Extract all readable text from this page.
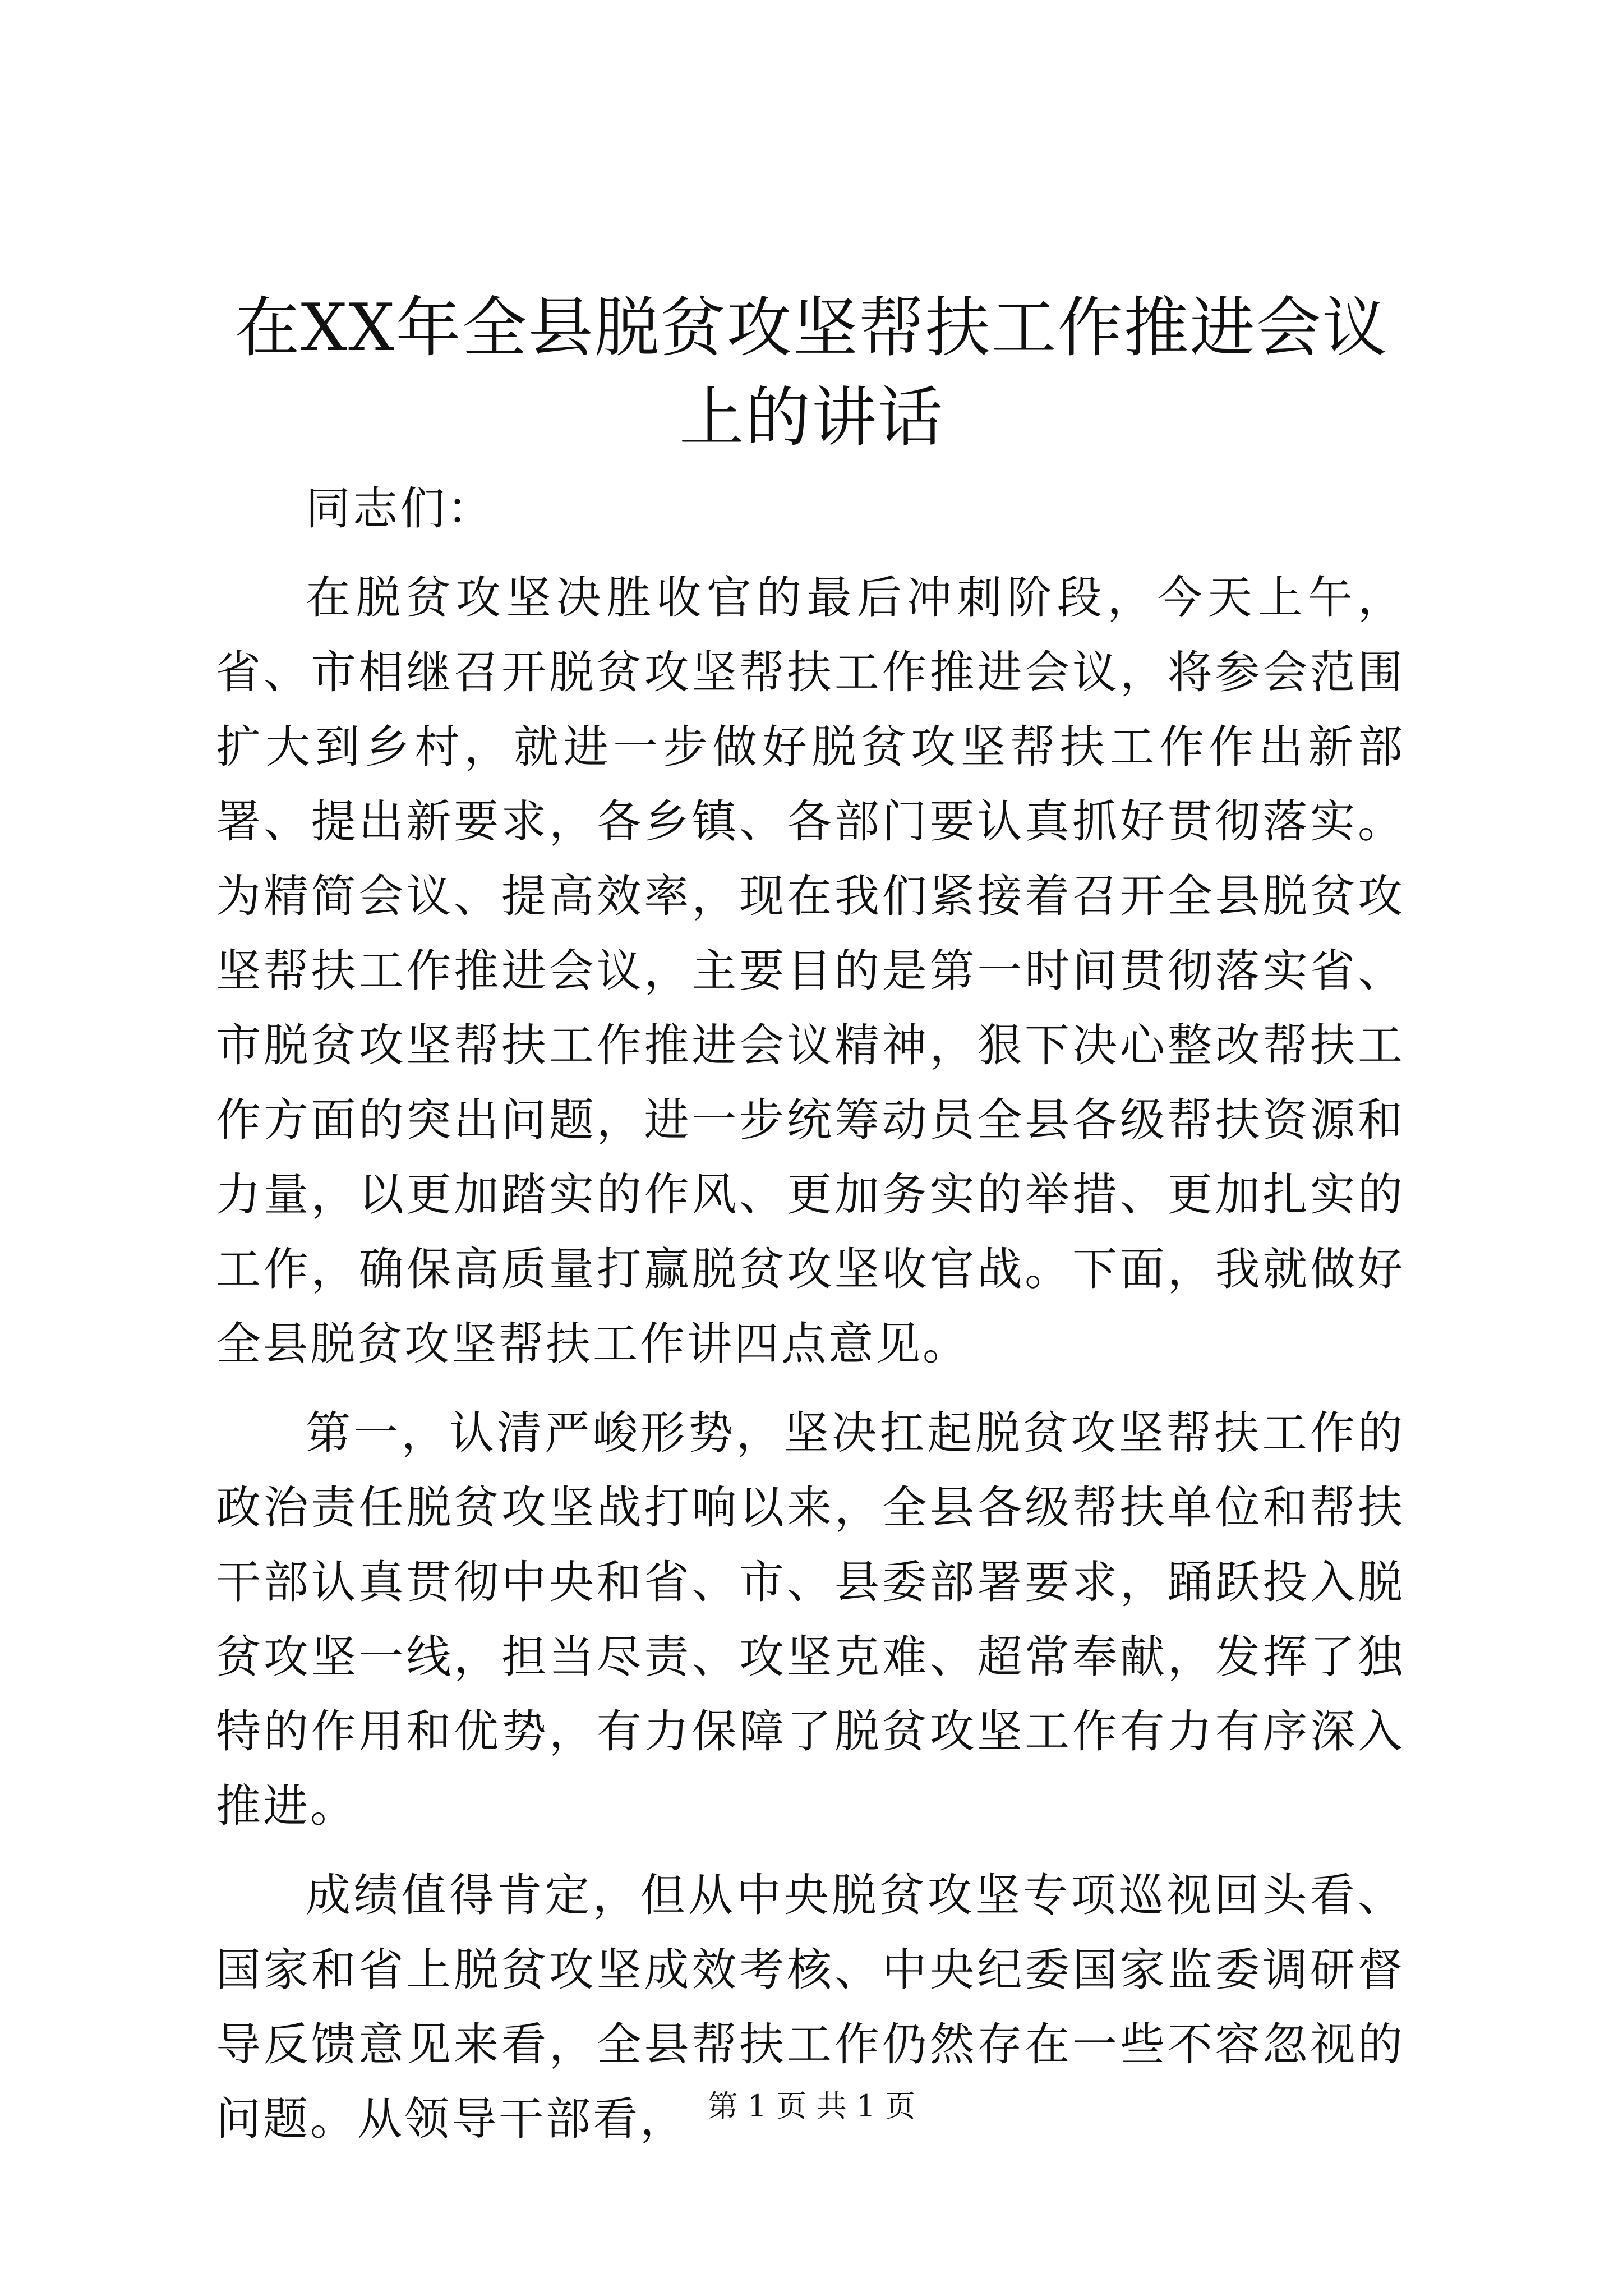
在XX年全县脱贫攻坚帮扶工作推进会议上的讲话

同志们：

在脱贫攻坚决胜收官的最后冲刺阶段，今天上午，省、市相继召开脱贫攻坚帮扶工作推进会议，将参会范围扩大到乡村，就进一步做好脱贫攻坚帮扶工作作出新部署、提出新要求，各乡镇、各部门要认真抓好贯彻落实。为精简会议、提高效率，现在我们紧接着召开全县脱贫攻坚帮扶工作推进会议，主要目的是第一时间贯彻落实省、市脱贫攻坚帮扶工作推进会议精神，狠下决心整改帮扶工作方面的突出问题，进一步统筹动员全县各级帮扶资源和力量，以更加踏实的作风、更加务实的举措、更加扎实的工作，确保高质量打赢脱贫攻坚收官战。下面，我就做好全县脱贫攻坚帮扶工作讲四点意见。

第一，认清严峻形势，坚决扛起脱贫攻坚帮扶工作的政治责任脱贫攻坚战打响以来，全县各级帮扶单位和帮扶干部认真贯彻中央和省、市、县委部署要求，踊跃投入脱贫攻坚一线，担当尽责、攻坚克难、超常奉献，发挥了独特的作用和优势，有力保障了脱贫攻坚工作有力有序深入推进。

成绩值得肯定，但从中央脱贫攻坚专项巡视回头看、国家和省上脱贫攻坚成效考核、中央纪委国家监委调研督导反馈意见来看，全县帮扶工作仍然存在一些不容忽视的问题。从领导干部看， 第 1 页 共 1 页
